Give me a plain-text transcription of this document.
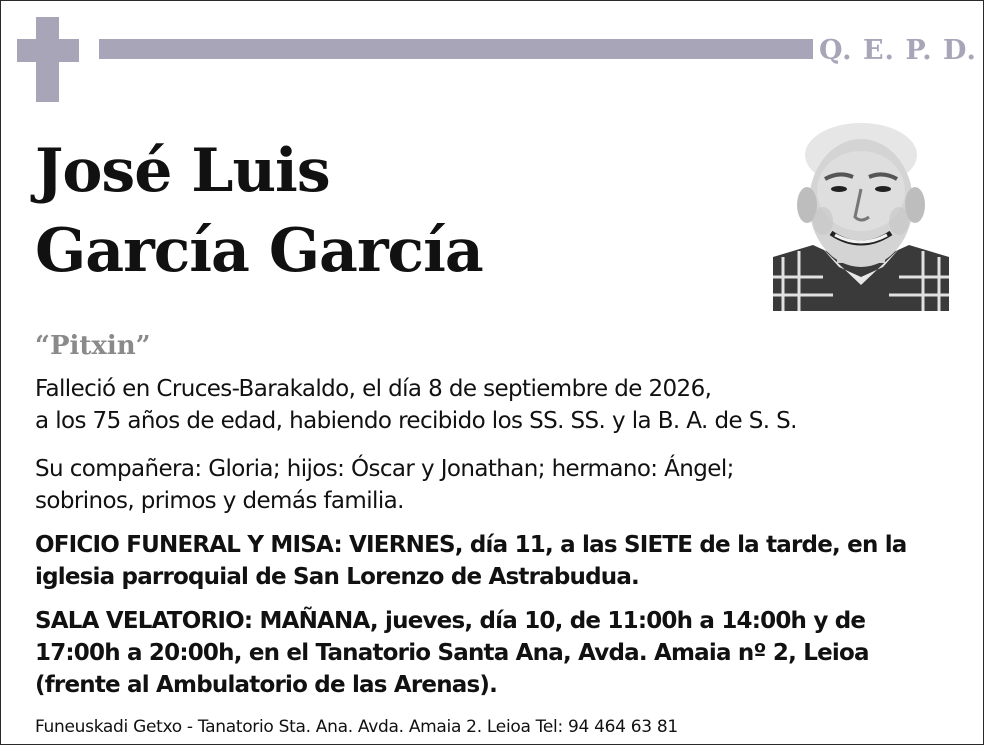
Q. E. P. D.
José Luis
García García
“Pitxin”
Falleció en Cruces-Barakaldo, el día 8 de septiembre de 2026,
a los 75 años de edad, habiendo recibido los SS. SS. y la B. A. de S. S.
Su compañera: Gloria; hijos: Óscar y Jonathan; hermano: Ángel;
sobrinos, primos y demás familia.
OFICIO FUNERAL Y MISA: VIERNES, día 11, a las SIETE de la tarde, en la
iglesia parroquial de San Lorenzo de Astrabudua.
SALA VELATORIO: MAÑANA, jueves, día 10, de 11:00h a 14:00h y de
17:00h a 20:00h, en el Tanatorio Santa Ana, Avda. Amaia nº 2, Leioa
(frente al Ambulatorio de las Arenas).
Funeuskadi Getxo - Tanatorio Sta. Ana. Avda. Amaia 2. Leioa Tel: 94 464 63 81
